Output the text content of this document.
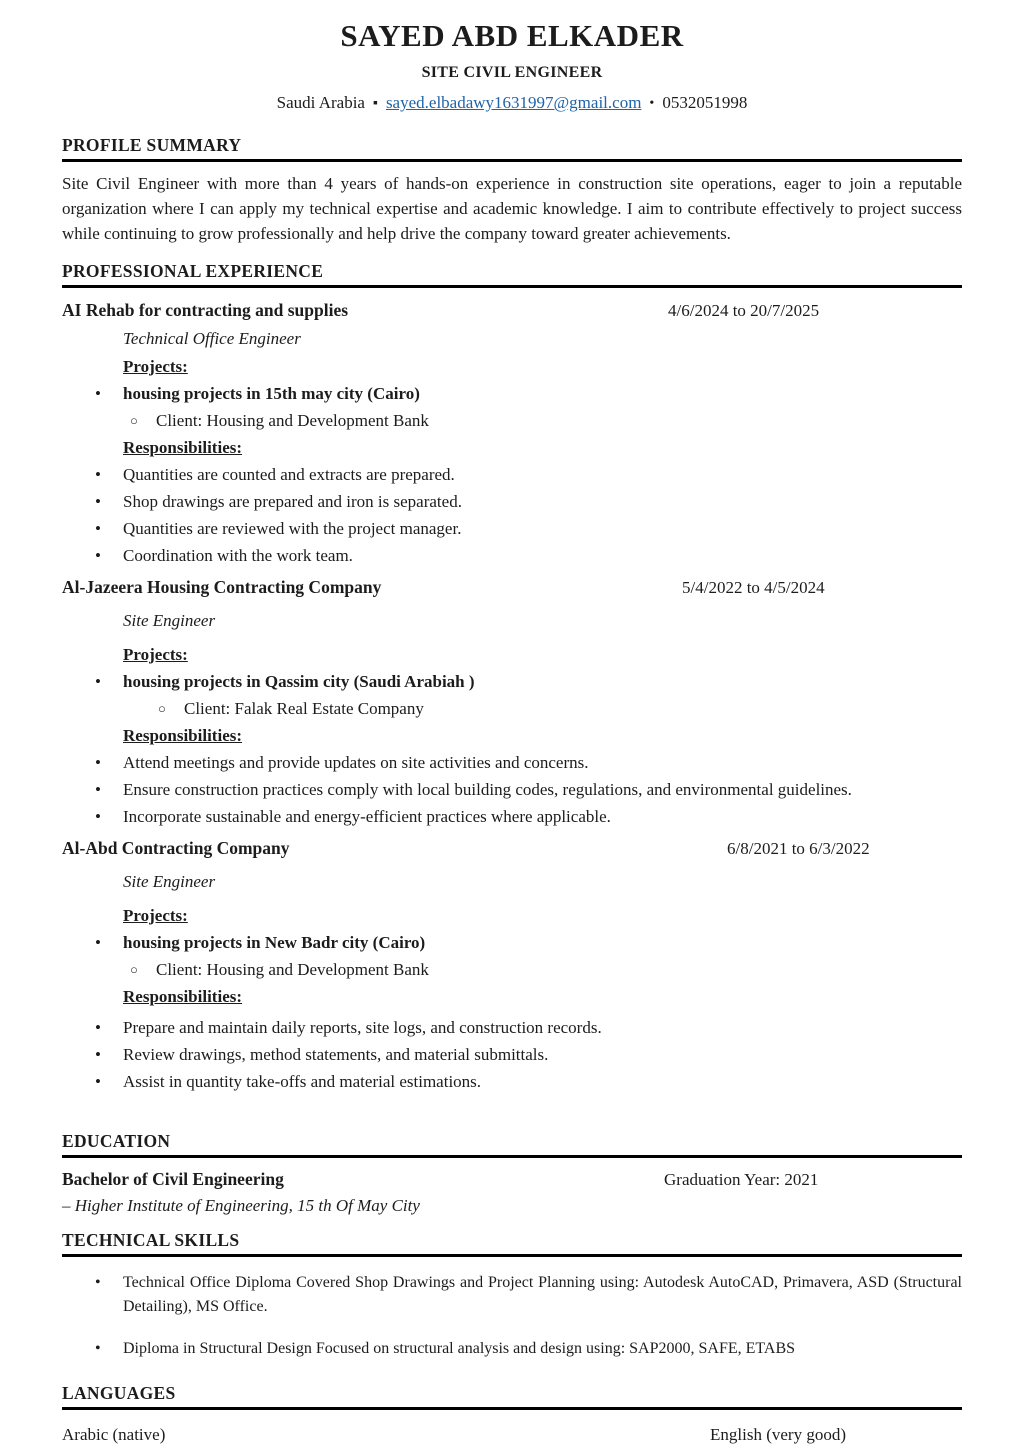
SAYED ABD ELKADER
SITE CIVIL ENGINEER
Saudi Arabia ▪ sayed.elbadawy1631997@gmail.com • 0532051998
PROFILE SUMMARY
Site Civil Engineer with more than 4 years of hands-on experience in construction site operations, eager to join a reputable organization where I can apply my technical expertise and academic knowledge. I aim to contribute effectively to project success while continuing to grow professionally and help drive the company toward greater achievements.
PROFESSIONAL EXPERIENCE
AI Rehab for contracting and supplies	4/6/2024 to 20/7/2025
Technical Office Engineer
Projects:
•	housing projects in 15th may city (Cairo)
○	Client: Housing and Development Bank
Responsibilities:
•	Quantities are counted and extracts are prepared.
•	Shop drawings are prepared and iron is separated.
•	Quantities are reviewed with the project manager.
•	Coordination with the work team.
Al-Jazeera Housing Contracting Company	5/4/2022 to 4/5/2024
Site Engineer
Projects:
•	housing projects in Qassim city (Saudi Arabiah )
○	Client: Falak Real Estate Company
Responsibilities:
•	Attend meetings and provide updates on site activities and concerns.
•	Ensure construction practices comply with local building codes, regulations, and environmental guidelines.
•	Incorporate sustainable and energy-efficient practices where applicable.
Al-Abd Contracting Company	6/8/2021 to 6/3/2022
Site Engineer
Projects:
•	housing projects in New Badr city (Cairo)
○	Client: Housing and Development Bank
Responsibilities:
•	Prepare and maintain daily reports, site logs, and construction records.
•	Review drawings, method statements, and material submittals.
•	Assist in quantity take-offs and material estimations.
EDUCATION
Bachelor of Civil Engineering	Graduation Year: 2021
– Higher Institute of Engineering, 15 th Of May City
TECHNICAL SKILLS
•	Technical Office Diploma Covered Shop Drawings and Project Planning using: Autodesk AutoCAD, Primavera, ASD (Structural Detailing), MS Office.
•	Diploma in Structural Design Focused on structural analysis and design using: SAP2000, SAFE, ETABS
LANGUAGES
Arabic (native)	English (very good)
